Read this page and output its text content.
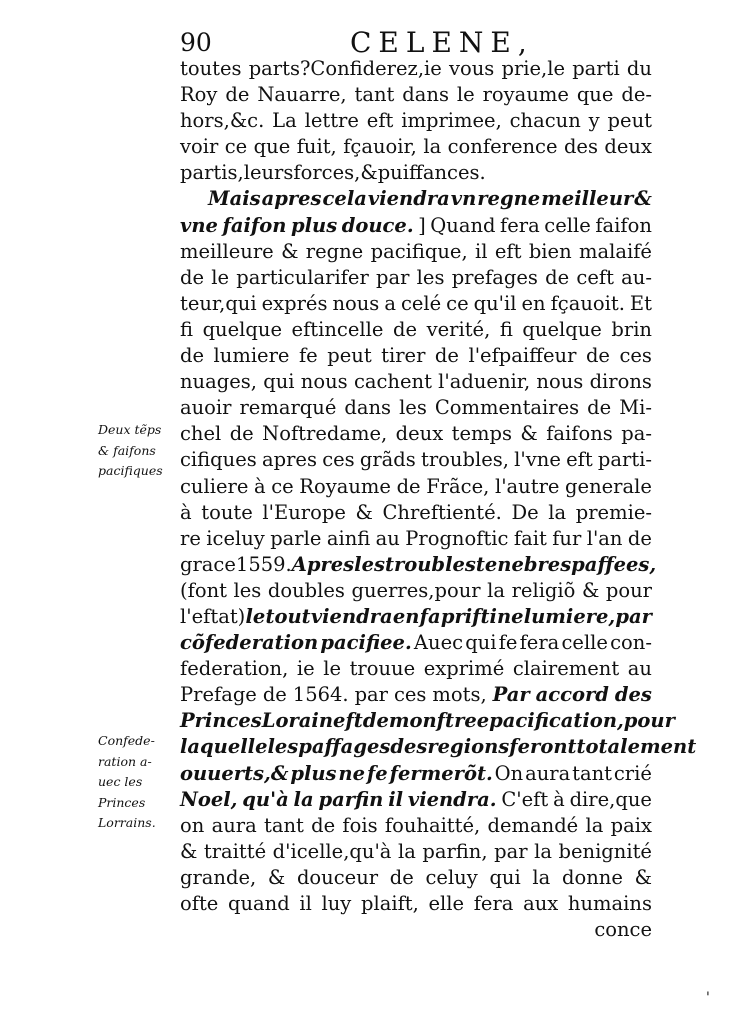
90	CELENE,
toutes parts?Confiderez,ie vous prie,le parti du
Roy de Nauarre, tant dans le royaume que de-
hors,&c. La lettre eft imprimee, chacun y peut
voir ce que fuit, fçauoir, la conference des deux
partis, leurs forces,& puiffances.
Mais apres cela viendra vn regne meilleur &
vne faifon plus douce. ] Quand fera celle faifon
meilleure & regne pacifique, il eft bien malaifé
de le particularifer par les prefages de ceft au-
teur,qui exprés nous a celé ce qu'il en fçauoit. Et
fi quelque eftincelle de verité, fi quelque brin
de lumiere fe peut tirer de l'efpaiffeur de ces
nuages, qui nous cachent l'aduenir, nous dirons
auoir remarqué dans les Commentaires de Mi-
chel de Noftredame, deux temps & faifons pa-
cifiques apres ces grãds troubles, l'vne eft parti-
culiere à ce Royaume de Frãce, l'autre generale
à toute l'Europe & Chreftienté. De la premie-
re iceluy parle ainfi au Prognoftic fait fur l'an de
grace 1559. Apres les troubles tenebres paffees,
(font les doubles guerres,pour la religiõ & pour
l'eftat) le tout viendra en fa priftine lumiere, par
cõfederation pacifiee. Auec qui fe fera celle con-
federation, ie le trouue exprimé clairement au
Prefage de 1564. par ces mots, Par accord des
Princes Lorain eft demonftree pacification,pour
laquelle les paffages des regions feront totalement
ouuerts,& plus ne fe fermerõt. On aura tant crié
Noel, qu'à la parfin il viendra. C'eft à dire,que
on aura tant de fois fouhaitté, demandé la paix
& traitté d'icelle,qu'à la parfin, par la benignité
grande, & douceur de celuy qui la donne &
ofte quand il luy plaift, elle fera aux humains
conce
Deux tẽps
& faifons
pacifiques
Confede-
ration a-
uec les
Princes
Lorrains.
'
